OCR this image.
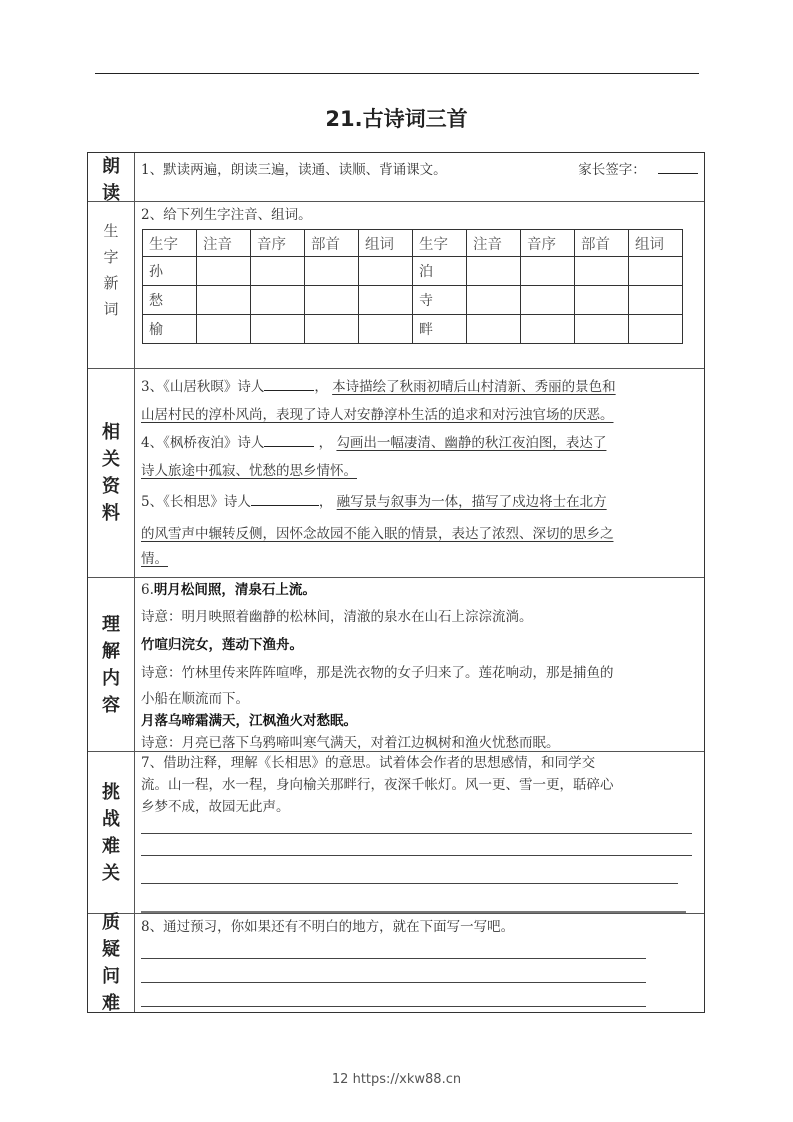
21.古诗词三首
朗
读
1、默读两遍，朗读三遍，读通、读顺、背诵课文。	家长签字：
生
字
新
词
2、给下列生字注音、组词。
生字	注音	音序	部首	组词	生字	注音	音序	部首	组词
孙					泊				
愁					寺				
榆					畔				
相
关
资
料
3、《山居秋暝》诗人	， 本诗描绘了秋雨初晴后山村清新、秀丽的景色和
山居村民的淳朴风尚，表现了诗人对安静淳朴生活的追求和对污浊官场的厌恶。
4、《枫桥夜泊》诗人	， 勾画出一幅凄清、幽静的秋江夜泊图，表达了
诗人旅途中孤寂、忧愁的思乡情怀。
5、《长相思》诗人	， 融写景与叙事为一体，描写了戍边将士在北方
的风雪声中辗转反侧，因怀念故园不能入眠的情景，表达了浓烈、深切的思乡之
情。
理
解
内
容
6.明月松间照，清泉石上流。
诗意：明月映照着幽静的松林间，清澈的泉水在山石上淙淙流淌。
竹喧归浣女，莲动下渔舟。
诗意：竹林里传来阵阵喧哗，那是洗衣物的女子归来了。莲花响动，那是捕鱼的
小船在顺流而下。
月落乌啼霜满天，江枫渔火对愁眠。
诗意：月亮已落下乌鸦啼叫寒气满天，对着江边枫树和渔火忧愁而眠。
挑
战
难
关
7、借助注释，理解《长相思》的意思。试着体会作者的思想感情，和同学交
流。山一程，水一程，身向榆关那畔行，夜深千帐灯。风一更、雪一更，聒碎心
乡梦不成，故园无此声。
质
疑
问
难
8、通过预习，你如果还有不明白的地方，就在下面写一写吧。
12 https://xkw88.cn
